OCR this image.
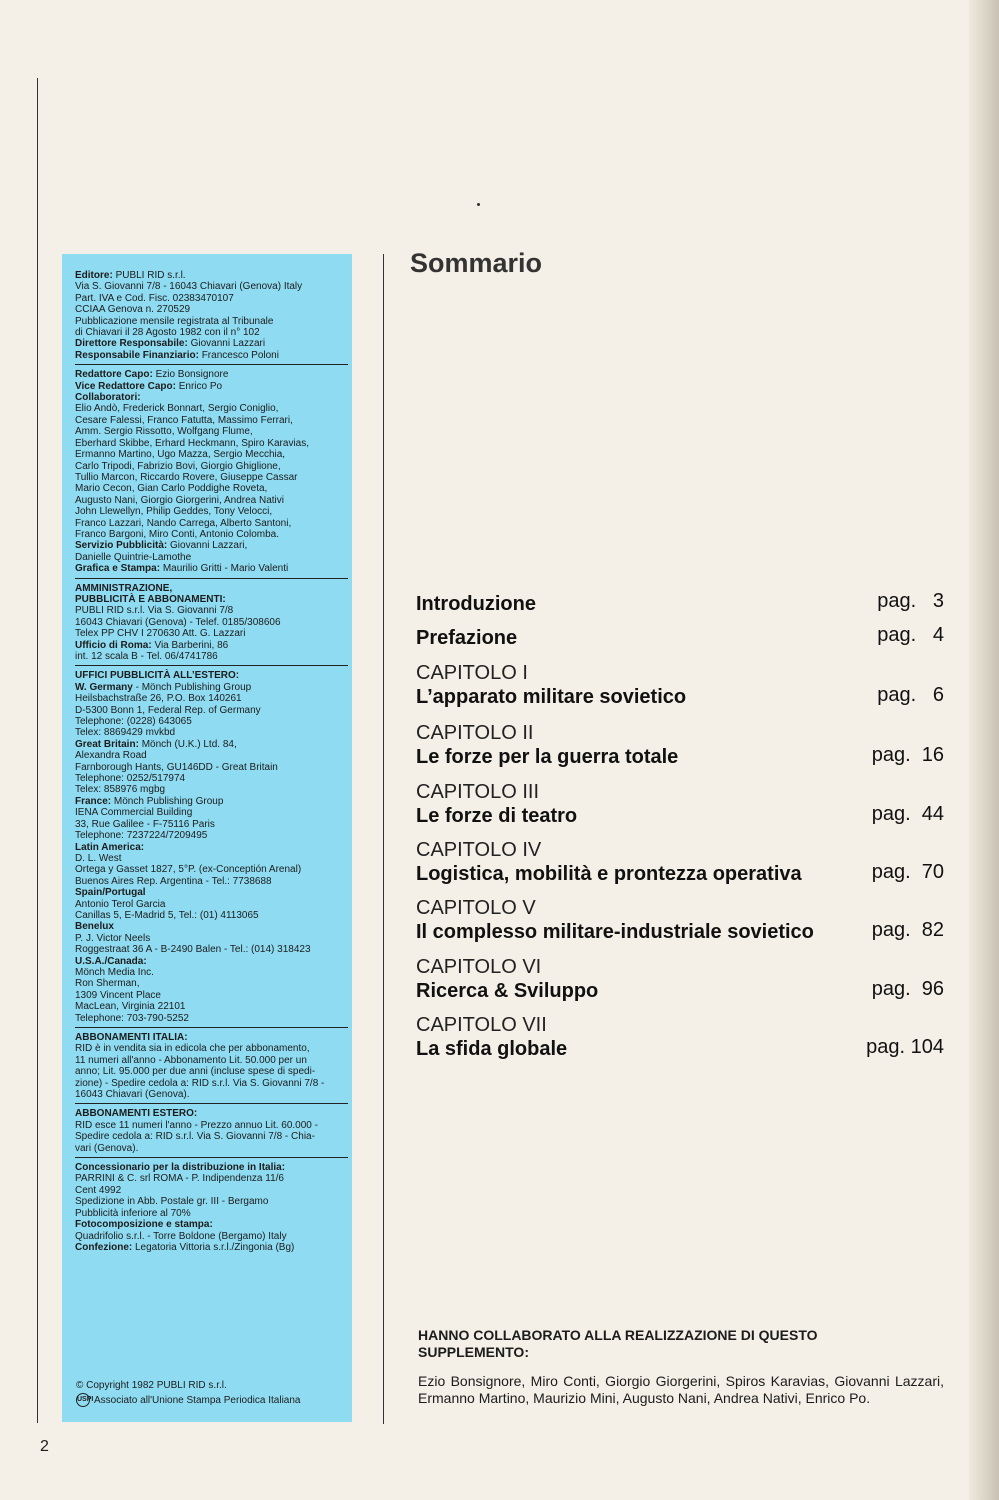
2

Editore: PUBLI RID s.r.l.

Via S. Giovanni 7/8 - 16043 Chiavari (Genova) Italy
Part. IVA e Cod. Fisc. 02383470107
CCIAA Genova n. 270529
Pubblicazione mensile registrata al Tribunale
di Chiavari il 28 Agosto 1982 con il n° 102

Direttore Responsabile: Giovanni Lazzari

Responsabile Finanziario: Francesco Poloni

Redattore Capo: Ezio Bonsignore

Vice Redattore Capo: Enrico Po

Collaboratori:

Elio Andò, Frederick Bonnart, Sergio Coniglio,
Cesare Falessi, Franco Fatutta, Massimo Ferrari,
Amm. Sergio Rissotto, Wolfgang Flume,
Eberhard Skibbe, Erhard Heckmann, Spiro Karavias,
Ermanno Martino, Ugo Mazza, Sergio Mecchia,
Carlo Tripodi, Fabrizio Bovi, Giorgio Ghiglione,
Tullio Marcon, Riccardo Rovere, Giuseppe Cassar
Mario Cecon, Gian Carlo Poddighe Roveta,
Augusto Nani, Giorgio Giorgerini, Andrea Nativi
John Llewellyn, Philip Geddes, Tony Velocci,
Franco Lazzari, Nando Carrega, Alberto Santoni,
Franco Bargoni, Miro Conti, Antonio Colomba.

Servizio Pubblicità: Giovanni Lazzari,

Danielle Quintrie-Lamothe

Grafica e Stampa: Maurilio Gritti - Mario Valenti

AMMINISTRAZIONE,
PUBBLICITÀ E ABBONAMENTI:
PUBLI RID s.r.l. Via S. Giovanni 7/8
16043 Chiavari (Genova) - Telef. 0185/308606
Telex PP CHV I 270630 Att. G. Lazzari

Ufficio di Roma: Via Barberini, 86

int. 12 scala B - Tel. 06/4741786

UFFICI PUBBLICITÀ ALL’ESTERO:

W. Germany - Mönch Publishing Group

Heilsbachstraße 26, P.O. Box 140261
D-5300 Bonn 1, Federal Rep. of Germany
Telephone: (0228) 643065
Telex: 8869429 mvkbd

Great Britain: Mönch (U.K.) Ltd. 84,

Alexandra Road
Farnborough Hants, GU146DD - Great Britain
Telephone: 0252/517974
Telex: 858976 mgbg

France: Mönch Publishing Group

IENA Commercial Building
33, Rue Galilee - F-75116 Paris
Telephone: 7237224/7209495

Latin America:

D. L. West
Ortega y Gasset 1827, 5°P. (ex-Conceptión Arenal)
Buenos Aires Rep. Argentina - Tel.: 7738688

Spain/Portugal

Antonio Terol Garcia
Canillas 5, E-Madrid 5, Tel.: (01) 4113065

Benelux

P. J. Victor Neels
Roggestraat 36 A - B-2490 Balen - Tel.: (014) 318423

U.S.A./Canada:

Mönch Media Inc.
Ron Sherman,
1309 Vincent Place
MacLean, Virginia 22101
Telephone: 703-790-5252

ABBONAMENTI ITALIA:

RID è in vendita sia in edicola che per abbonamento,
11 numeri all'anno - Abbonamento Lit. 50.000 per un
anno; Lit. 95.000 per due anni (incluse spese di spedi-
zione) - Spedire cedola a: RID s.r.l. Via S. Giovanni 7/8 -
16043 Chiavari (Genova).

ABBONAMENTI ESTERO:

RID esce 11 numeri l'anno - Prezzo annuo Lit. 60.000 -
Spedire cedola a: RID s.r.l. Via S. Giovanni 7/8 - Chia-
vari (Genova).

Concessionario per la distribuzione in Italia:

PARRINI & C. srl ROMA - P. Indipendenza 11/6
Cent 4992
Spedizione in Abb. Postale gr. III - Bergamo
Pubblicità inferiore al 70%

Fotocomposizione e stampa:

Quadrifolio s.r.l. - Torre Boldone (Bergamo) Italy

Confezione: Legatoria Vittoria s.r.l./Zingonia (Bg)

© Copyright 1982 PUBLI RID s.r.l.
USPIAssociato all'Unione Stampa Periodica Italiana
Sommario
Introduzione	pag.   3
Prefazione	pag.   4
CAPITOLO I
L’apparato militare sovietico	pag.   6
CAPITOLO II
Le forze per la guerra totale	pag.  16
CAPITOLO III
Le forze di teatro	pag.  44
CAPITOLO IV
Logistica, mobilità e prontezza operativa	pag.  70
CAPITOLO V
Il complesso militare-industriale sovietico	pag.  82
CAPITOLO VI
Ricerca & Sviluppo	pag.  96
CAPITOLO VII
La sfida globale	pag. 104
HANNO COLLABORATO ALLA REALIZZAZIONE DI QUESTO SUPPLEMENTO:
Ezio Bonsignore, Miro Conti, Giorgio Giorgerini, Spiros Karavias, Giovanni Lazzari, Ermanno Martino, Maurizio Mini, Augusto Nani, Andrea Nativi, Enrico Po.
